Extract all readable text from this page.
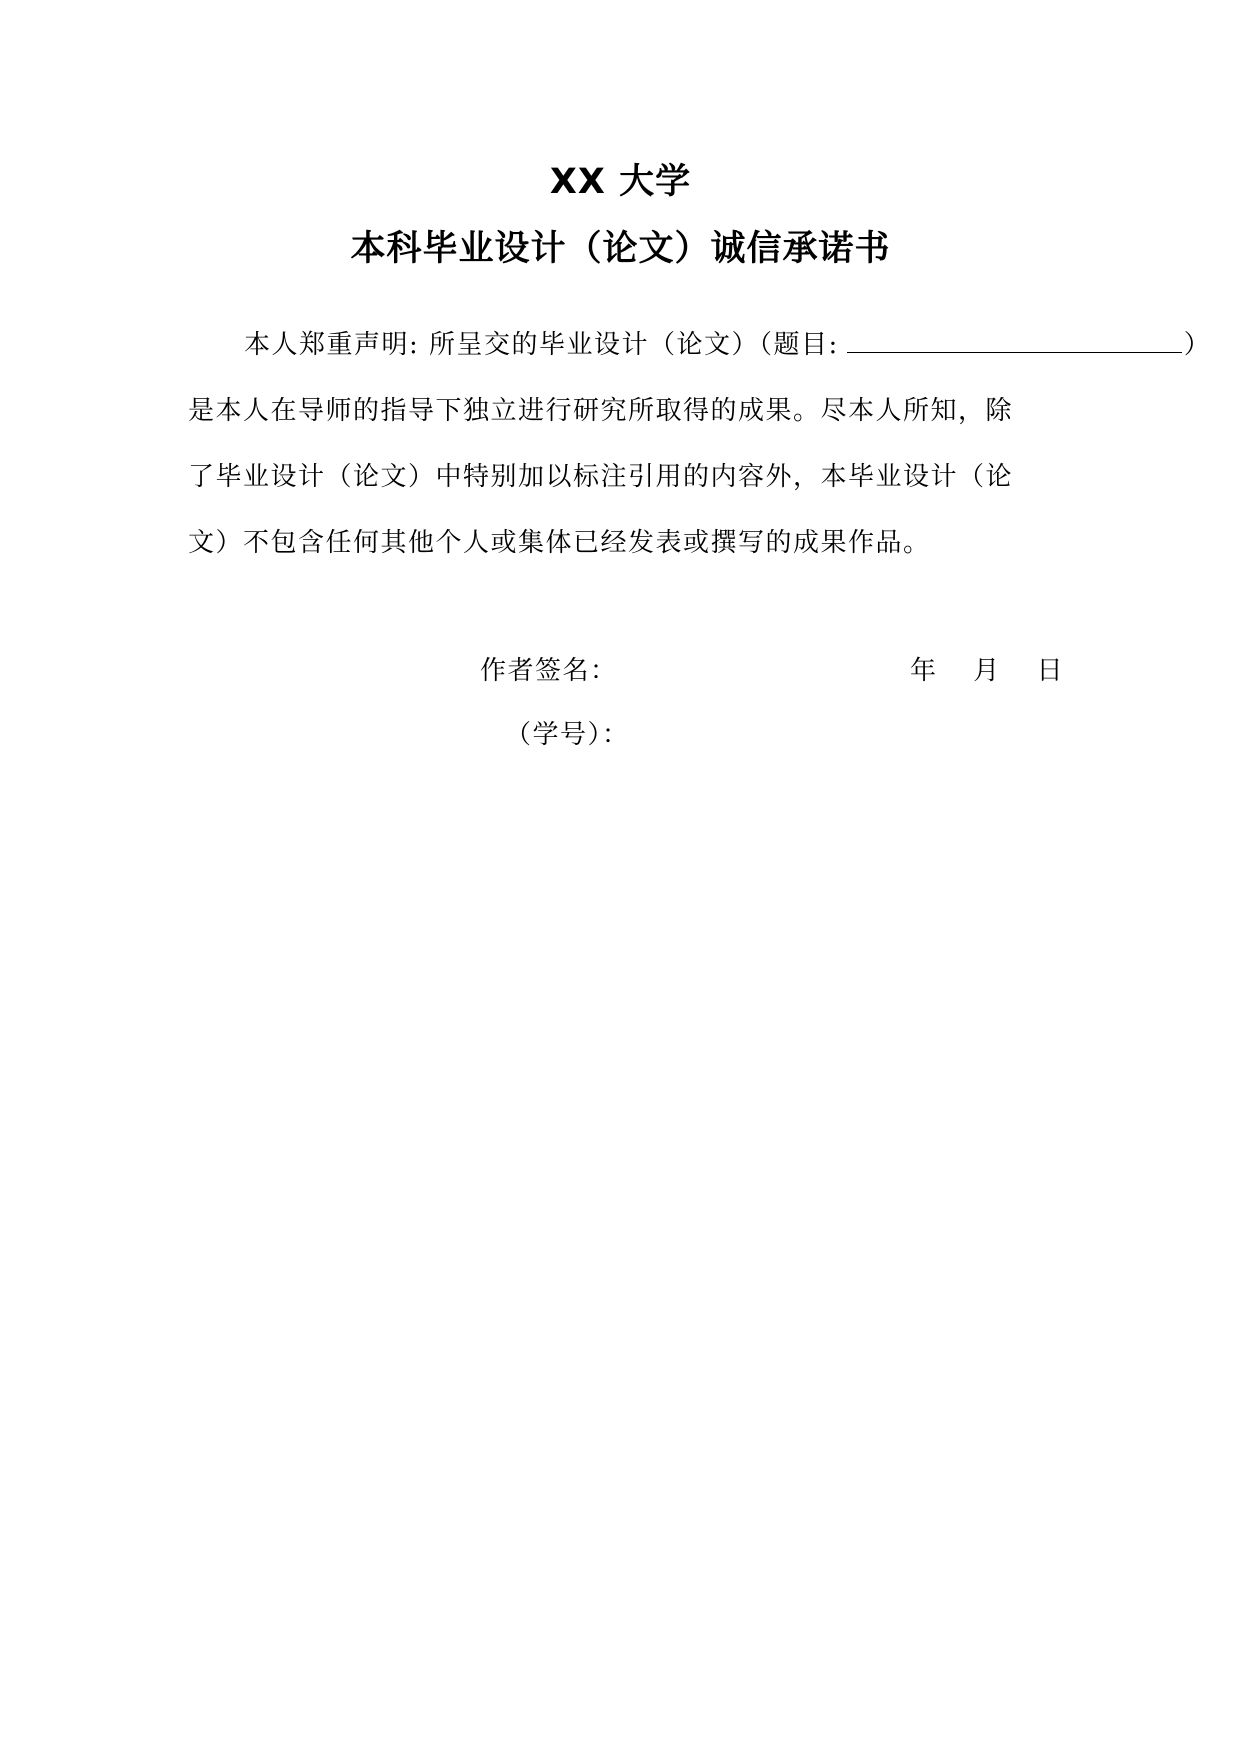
XX 大学
本科毕业设计（论文）诚信承诺书
本人郑重声明: 所呈交的毕业设计（论文）（题目:	）
是本人在导师的指导下独立进行研究所取得的成果。尽本人所知，除
了毕业设计（论文）中特别加以标注引用的内容外，本毕业设计（论
文）不包含任何其他个人或集体已经发表或撰写的成果作品。
作者签名：	年 月 日
（学号）：
